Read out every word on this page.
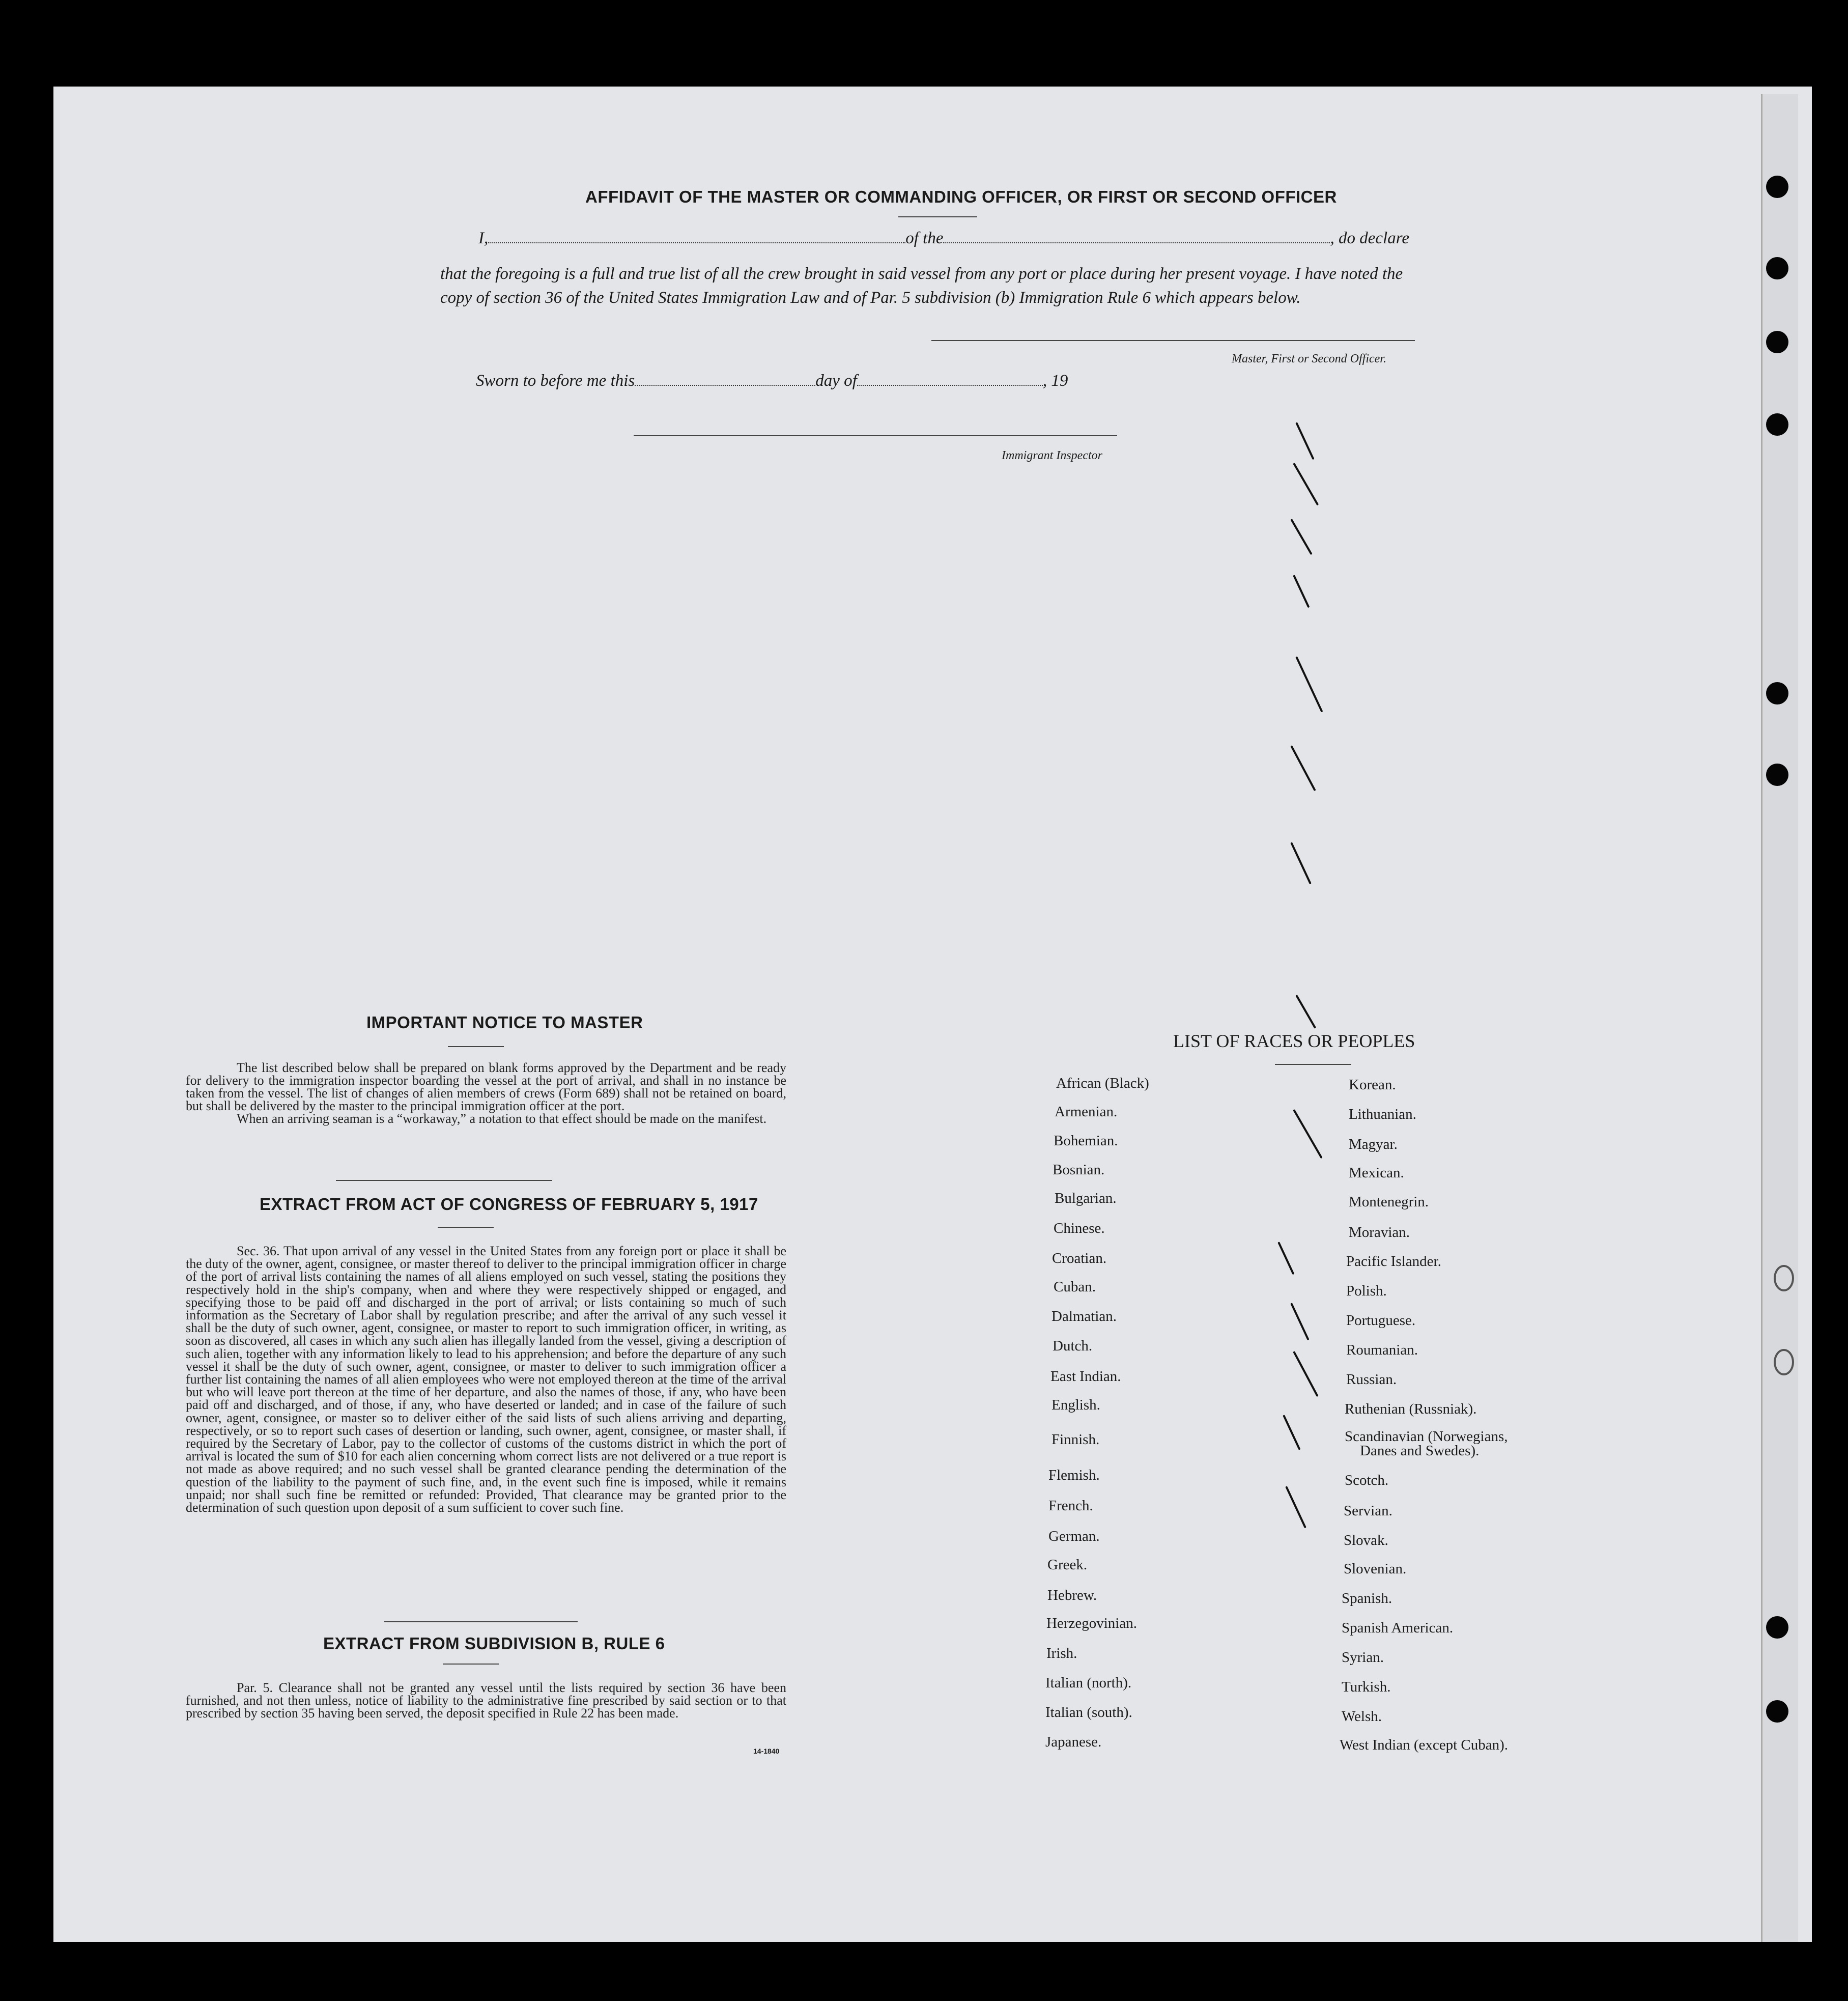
AFFIDAVIT OF THE MASTER OR COMMANDING OFFICER, OR FIRST OR SECOND OFFICER
I,	of the	, do declare
that the foregoing is a full and true list of all the crew brought in said vessel from any port or place during her present voyage. I have noted the
copy of section 36 of the United States Immigration Law and of Par. 5 subdivision (b) Immigration Rule 6 which appears below.
Master, First or Second Officer.
Sworn to before me this	day of	, 19
Immigrant Inspector
IMPORTANT NOTICE TO MASTER

The list described below shall be prepared on blank forms approved by the Department and be ready for delivery to the immigration inspector boarding the vessel at the port of arrival, and shall in no instance be taken from the vessel. The list of changes of alien members of crews (Form 689) shall not be retained on board, but shall be delivered by the master to the principal immigration officer at the port.

When an arriving seaman is a “workaway,” a notation to that effect should be made on the manifest.

EXTRACT FROM ACT OF CONGRESS OF FEBRUARY 5, 1917

Sec. 36. That upon arrival of any vessel in the United States from any foreign port or place it shall be the duty of the owner, agent, consignee, or master thereof to deliver to the principal immigration officer in charge of the port of arrival lists containing the names of all aliens employed on such vessel, stating the positions they respectively hold in the ship's company, when and where they were respectively shipped or engaged, and specifying those to be paid off and discharged in the port of arrival; or lists containing so much of such information as the Secretary of Labor shall by regulation prescribe; and after the arrival of any such vessel it shall be the duty of such owner, agent, consignee, or master to report to such immigration officer, in writing, as soon as discovered, all cases in which any such alien has illegally landed from the vessel, giving a description of such alien, together with any information likely to lead to his apprehension; and before the departure of any such vessel it shall be the duty of such owner, agent, consignee, or master to deliver to such immigration officer a further list containing the names of all alien employees who were not employed thereon at the time of the arrival but who will leave port thereon at the time of her departure, and also the names of those, if any, who have been paid off and discharged, and of those, if any, who have deserted or landed; and in case of the failure of such owner, agent, consignee, or master so to deliver either of the said lists of such aliens arriving and departing, respectively, or so to report such cases of desertion or landing, such owner, agent, consignee, or master shall, if required by the Secretary of Labor, pay to the collector of customs of the customs district in which the port of arrival is located the sum of $10 for each alien concerning whom correct lists are not delivered or a true report is not made as above required; and no such vessel shall be granted clearance pending the determination of the question of the liability to the payment of such fine, and, in the event such fine is imposed, while it remains unpaid; nor shall such fine be remitted or refunded: Provided, That clearance may be granted prior to the determination of such question upon deposit of a sum sufficient to cover such fine.

EXTRACT FROM SUBDIVISION B, RULE 6

Par. 5. Clearance shall not be granted any vessel until the lists required by section 36 have been furnished, and not then unless, notice of liability to the administrative fine prescribed by said section or to that prescribed by section 35 having been served, the deposit specified in Rule 22 has been made.

14-1840
LIST OF RACES OR PEOPLES
African (Black)
Armenian.
Bohemian.
Bosnian.
Bulgarian.
Chinese.
Croatian.
Cuban.
Dalmatian.
Dutch.
East Indian.
English.
Finnish.
Flemish.
French.
German.
Greek.
Hebrew.
Herzegovinian.
Irish.
Italian (north).
Italian (south).
Japanese.
Korean.
Lithuanian.
Magyar.
Mexican.
Montenegrin.
Moravian.
Pacific Islander.
Polish.
Portuguese.
Roumanian.
Russian.
Ruthenian (Russniak).
Scandinavian (Norwegians,
Danes and Swedes).
Scotch.
Servian.
Slovak.
Slovenian.
Spanish.
Spanish American.
Syrian.
Turkish.
Welsh.
West Indian (except Cuban).
